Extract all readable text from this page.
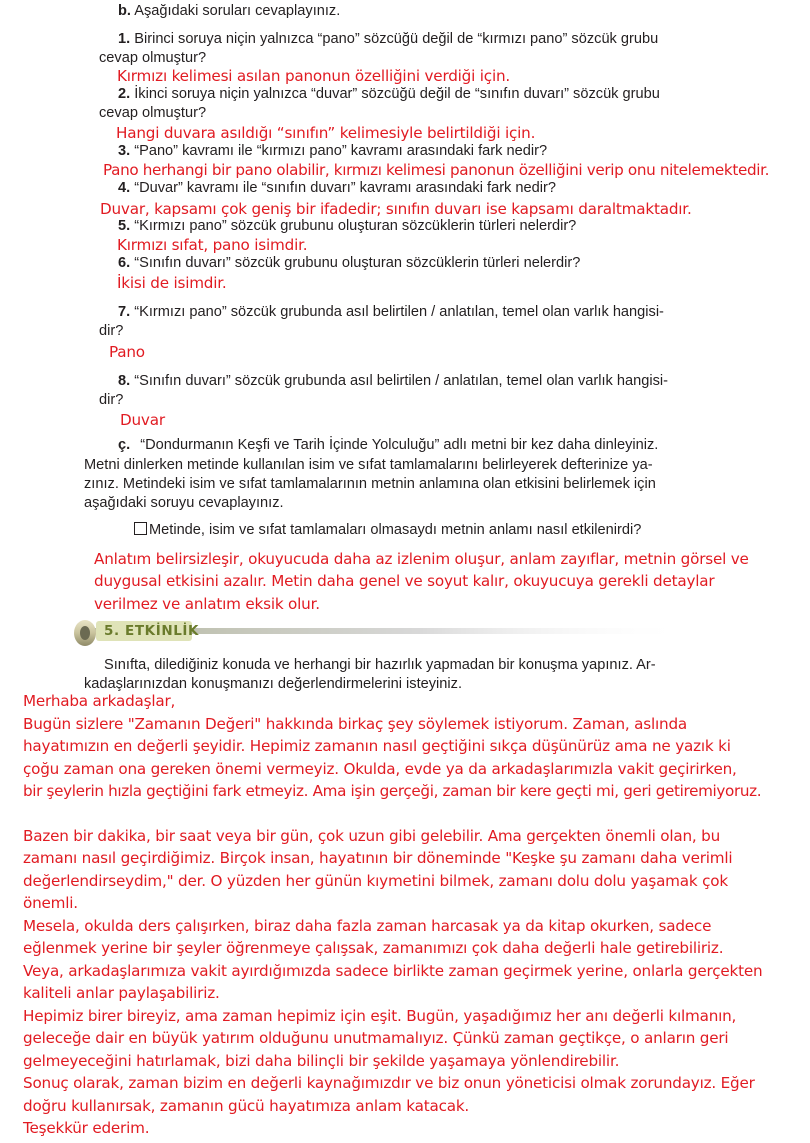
b. Aşağıdaki soruları cevaplayınız.
1. Birinci soruya niçin yalnızca “pano” sözcüğü değil de “kırmızı pano” sözcük grubu
cevap olmuştur?
Kırmızı kelimesi asılan panonun özelliğini verdiği için.
2. İkinci soruya niçin yalnızca “duvar” sözcüğü değil de “sınıfın duvarı” sözcük grubu
cevap olmuştur?
Hangi duvara asıldığı “sınıfın” kelimesiyle belirtildiği için.
3. “Pano” kavramı ile “kırmızı pano” kavramı arasındaki fark nedir?
Pano herhangi bir pano olabilir, kırmızı kelimesi panonun özelliğini verip onu nitelemektedir.
4. “Duvar” kavramı ile “sınıfın duvarı” kavramı arasındaki fark nedir?
Duvar, kapsamı çok geniş bir ifadedir; sınıfın duvarı ise kapsamı daraltmaktadır.
5. “Kırmızı pano” sözcük grubunu oluşturan sözcüklerin türleri nelerdir?
Kırmızı sıfat, pano isimdir.
6. “Sınıfın duvarı” sözcük grubunu oluşturan sözcüklerin türleri nelerdir?
İkisi de isimdir.
7. “Kırmızı pano” sözcük grubunda asıl belirtilen / anlatılan, temel olan varlık hangisi-
dir?
Pano
8. “Sınıfın duvarı” sözcük grubunda asıl belirtilen / anlatılan, temel olan varlık hangisi-
dir?
Duvar
ç. “Dondurmanın Keşfi ve Tarih İçinde Yolculuğu” adlı metni bir kez daha dinleyiniz.
Metni dinlerken metinde kullanılan isim ve sıfat tamlamalarını belirleyerek defterinize ya-
zınız. Metindeki isim ve sıfat tamlamalarının metnin anlamına olan etkisini belirlemek için
aşağıdaki soruyu cevaplayınız.
Metinde, isim ve sıfat tamlamaları olmasaydı metnin anlamı nasıl etkilenirdi?
Anlatım belirsizleşir, okuyucuda daha az izlenim oluşur, anlam zayıflar, metnin görsel ve
duygusal etkisini azalır. Metin daha genel ve soyut kalır, okuyucuya gerekli detaylar
verilmez ve anlatım eksik olur.
5. ETKİNLİK
Sınıfta, dilediğiniz konuda ve herhangi bir hazırlık yapmadan bir konuşma yapınız. Ar-
kadaşlarınızdan konuşmanızı değerlendirmelerini isteyiniz.
Merhaba arkadaşlar,
Bugün sizlere "Zamanın Değeri" hakkında birkaç şey söylemek istiyorum. Zaman, aslında
hayatımızın en değerli şeyidir. Hepimiz zamanın nasıl geçtiğini sıkça düşünürüz ama ne yazık ki
çoğu zaman ona gereken önemi vermeyiz. Okulda, evde ya da arkadaşlarımızla vakit geçirirken,
bir şeylerin hızla geçtiğini fark etmeyiz. Ama işin gerçeği, zaman bir kere geçti mi, geri getiremiyoruz.
Bazen bir dakika, bir saat veya bir gün, çok uzun gibi gelebilir. Ama gerçekten önemli olan, bu
zamanı nasıl geçirdiğimiz. Birçok insan, hayatının bir döneminde "Keşke şu zamanı daha verimli
değerlendirseydim," der. O yüzden her günün kıymetini bilmek, zamanı dolu dolu yaşamak çok
önemli.
Mesela, okulda ders çalışırken, biraz daha fazla zaman harcasak ya da kitap okurken, sadece
eğlenmek yerine bir şeyler öğrenmeye çalışsak, zamanımızı çok daha değerli hale getirebiliriz.
Veya, arkadaşlarımıza vakit ayırdığımızda sadece birlikte zaman geçirmek yerine, onlarla gerçekten
kaliteli anlar paylaşabiliriz.
Hepimiz birer bireyiz, ama zaman hepimiz için eşit. Bugün, yaşadığımız her anı değerli kılmanın,
geleceğe dair en büyük yatırım olduğunu unutmamalıyız. Çünkü zaman geçtikçe, o anların geri
gelmeyeceğini hatırlamak, bizi daha bilinçli bir şekilde yaşamaya yönlendirebilir.
Sonuç olarak, zaman bizim en değerli kaynağımızdır ve biz onun yöneticisi olmak zorundayız. Eğer
doğru kullanırsak, zamanın gücü hayatımıza anlam katacak.
Teşekkür ederim.
